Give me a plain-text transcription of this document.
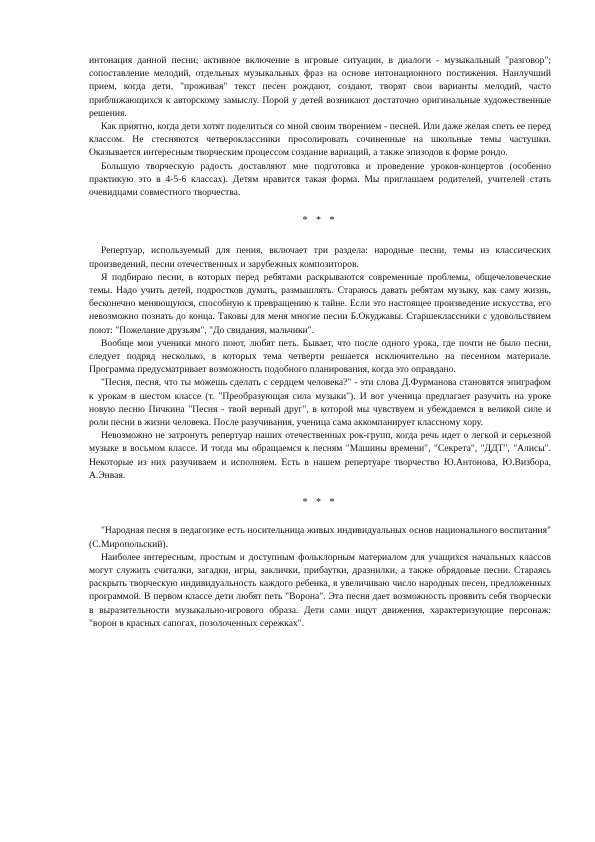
интонация данной песни; активное включение в игровые ситуации, в диалоги - музыкальный "разговор"; сопоставление мелодий, отдельных музыкальных фраз на основе интонационного постижения. Наилучший прием, когда дети, "проживая" текст песен рождают, создают, творят свои варианты мелодий, часто приближающихся к авторскому замыслу. Порой у детей возникают достаточно оригинальные художественные решения.

Как приятно, когда дети хотят поделиться со мной своим творением - песней. Или даже желая спеть ее перед классом. Не стесняются четвероклассники просолировать сочиненные на школьные темы частушки. Оказывается интересным творческим процессом создание вариаций, а также эпизодов к форме рондо.

Большую творческую радость доставляют мне подготовка и проведение уроков-концертов (особенно практикую это в 4-5-6 классах). Детям нравится такая форма. Мы приглашаем родителей, учителей стать очевидцами совместного творчества.

* * *

Репертуар, используемый для пения, включает три раздела: народные песни, темы из классических произведений, песни отечественных и зарубежных композиторов.

Я подбираю песни, в которых перед ребятами раскрываются современные проблемы, общечеловеческие темы. Надо учить детей, подростков думать, размышлять. Стараюсь давать ребятам музыку, как саму жизнь, бесконечно меняющуюся, способную к превращению к тайне. Если это настоящее произведение искусства, его невозможно познать до конца. Таковы для меня многие песни Б.Окуджавы. Старшеклассники с удовольствием поют: "Пожелание друзьям", "До свидания, мальчики".

Вообще мои ученики много поют, любят петь. Бывает, что после одного урока, где почти не было песни, следует подряд несколько, в которых тема четверти решается исключительно на песенном материале. Программа предусматривает возможность подобного планирования, когда это оправдано.

"Песня, песня, что ты можешь сделать с сердцем человека?" - эти слова Д.Фурманова становятся эпиграфом к урокам в шестом классе (т. "Преобразующая сила музыки"). И вот ученица предлагает разучить на уроке новую песню Пичкина "Песня - твой верный друг", в которой мы чувствуем и убеждаемся в великой силе и роли песни в жизни человека. После разучивания, ученица сама аккомпанирует классному хору.

Невозможно не затронуть репертуар наших отечественных рок-групп, когда речь идет о легкой и серьезной музыке в восьмом классе. И тогда мы обращаемся к песням "Машины времени", "Секрета", "ДДТ", "Алисы". Некоторые из них разучиваем и исполняем. Есть в нашем репертуаре творчество Ю.Антонова, Ю.Визбора, А.Энвая.

* * *

"Народная песня в педагогике есть носительница живых индивидуальных основ национального воспитания" (С.Миропольский).

Наиболее интересным, простым и доступным фольклорным материалом для учащихся начальных классов могут служить считалки, загадки, игры, заклички, прибаутки, дразнилки, а также обрядовые песни. Стараясь раскрыть творческую индивидуальность каждого ребенка, я увеличиваю число народных песен, предложенных программой. В первом классе дети любят петь "Ворона". Эта песня дает возможность проявить себя творчески в выразительности музыкально-игрового образа. Дети сами ищут движения, характеризующие персонаж: "ворон в красных сапогах, позолоченных сережках".
